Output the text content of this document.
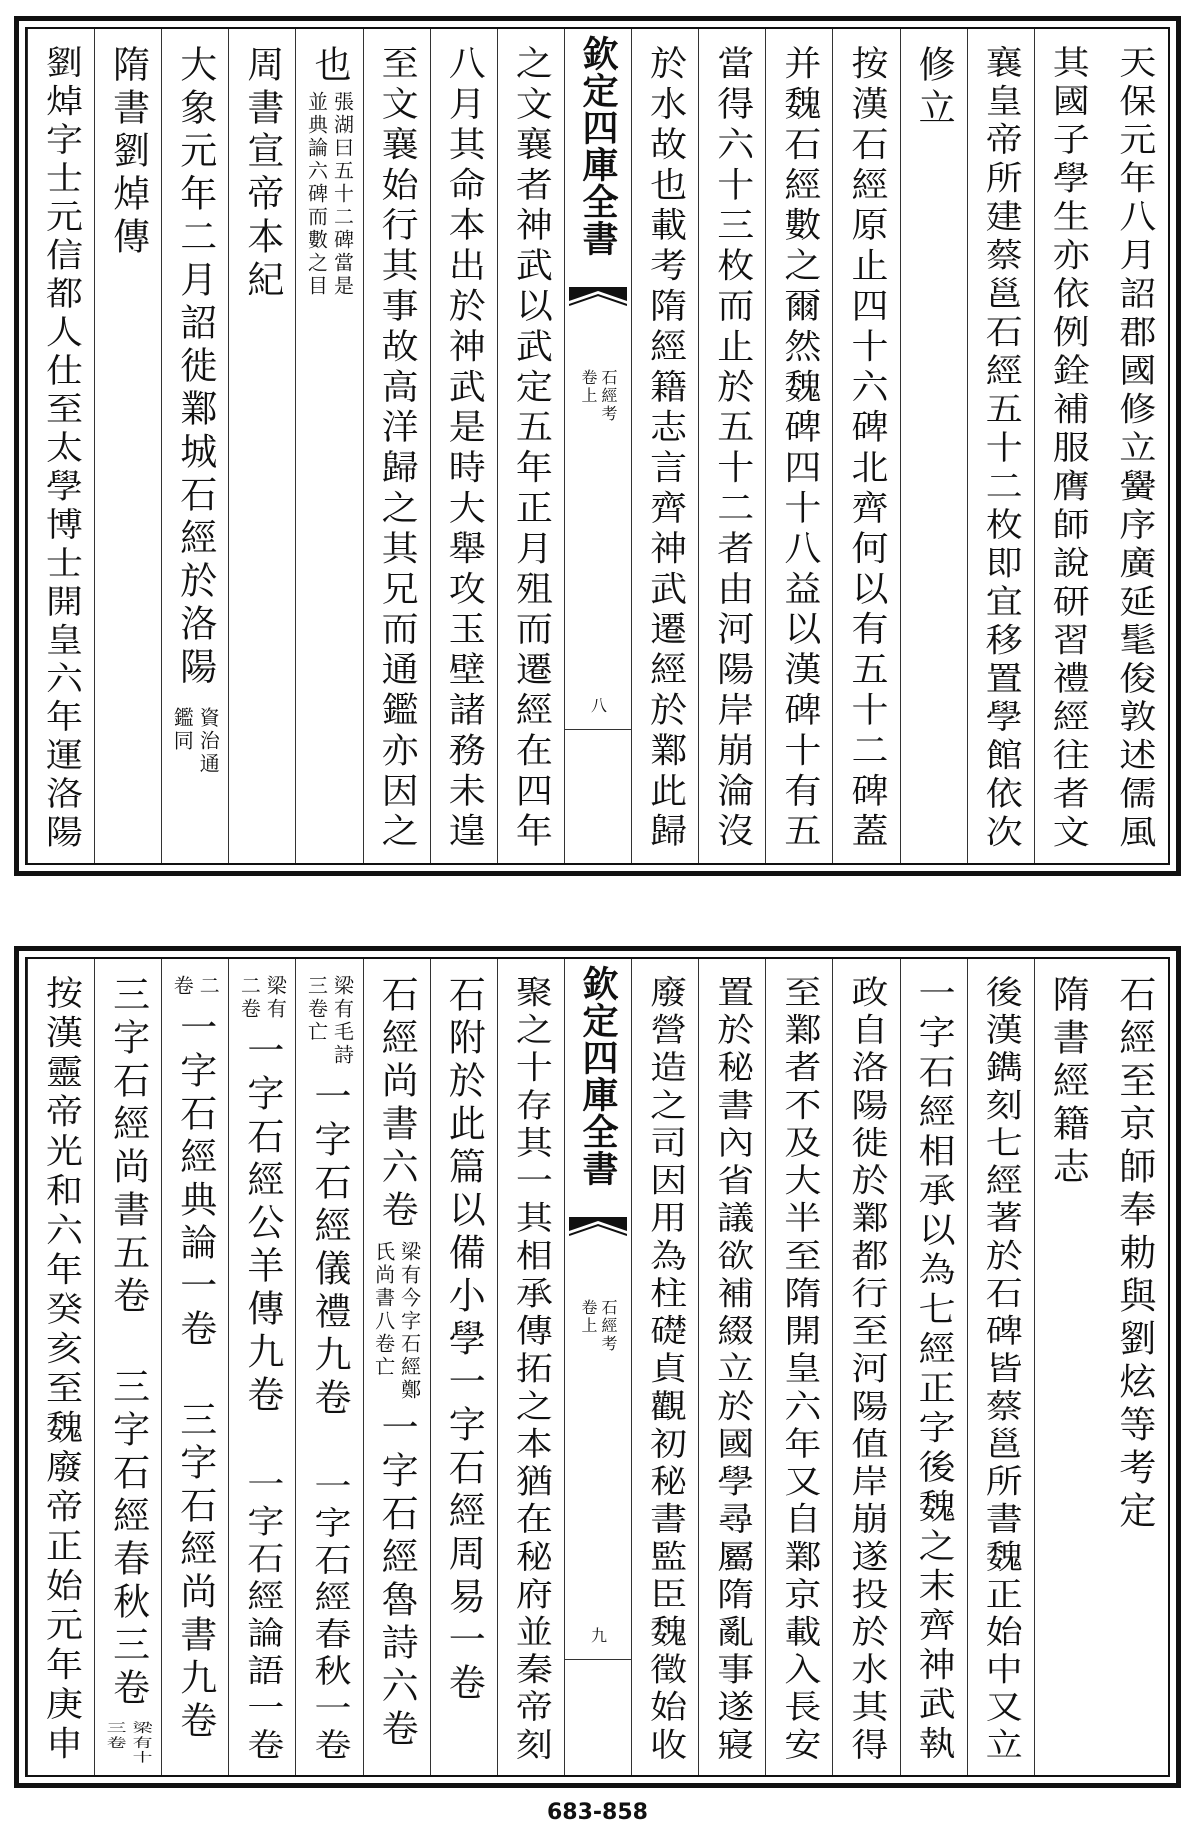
天保元年八月詔郡國修立黌序廣延髦俊敦述儒風
其國子學生亦依例銓補服膺師說研習禮經往者文
襄皇帝所建蔡邕石經五十二枚即宜移置學館依次
修立
按漢石經原止四十六碑北齊何以有五十二碑蓋
并魏石經數之爾然魏碑四十八益以漢碑十有五
當得六十三枚而止於五十二者由河陽岸崩淪沒
於水故也載考隋經籍志言齊神武遷經於鄴此歸
欽定四庫全書
石經考
卷上
八
之文襄者神武以武定五年正月殂而遷經在四年
八月其命本出於神武是時大舉攻玉壁諸務未遑
至文襄始行其事故高洋歸之其兄而通鑑亦因之
也
張湖曰五十二碑當是
並典論六碑而數之目
周書宣帝本紀
大象元年二月詔徙鄴城石經於洛陽
資治通
鑑同
隋書劉焯傳
劉焯字士元信都人仕至太學博士開皇六年運洛陽
石經至京師奉勅與劉炫等考定
隋書經籍志
後漢鐫刻七經著於石碑皆蔡邕所書魏正始中又立
一字石經相承以為七經正字後魏之末齊神武執
政自洛陽徙於鄴都行至河陽值岸崩遂投於水其得
至鄴者不及大半至隋開皇六年又自鄴京載入長安
置於秘書內省議欲補綴立於國學尋屬隋亂事遂寢
廢營造之司因用為柱礎貞觀初秘書監臣魏徵始收
欽定四庫全書
石經考
卷上
九
聚之十存其一其相承傳拓之本猶在秘府並秦帝刻
石附於此篇以備小學一字石經周易一卷
石經尚書六卷
梁有今字石經鄭
氏尚書八卷亡
一字石經魯詩六卷
梁有毛詩
三卷亡
一字石經儀禮九卷
一字石經春秋一卷
梁有
二卷
一字石經公羊傳九卷
一字石經論語一卷
二
卷
一字石經典論一卷
三字石經尚書九卷
三字石經尚書五卷
三字石經春秋三卷
梁有十
三卷
按漢靈帝光和六年癸亥至魏廢帝正始元年庚申
683-858
